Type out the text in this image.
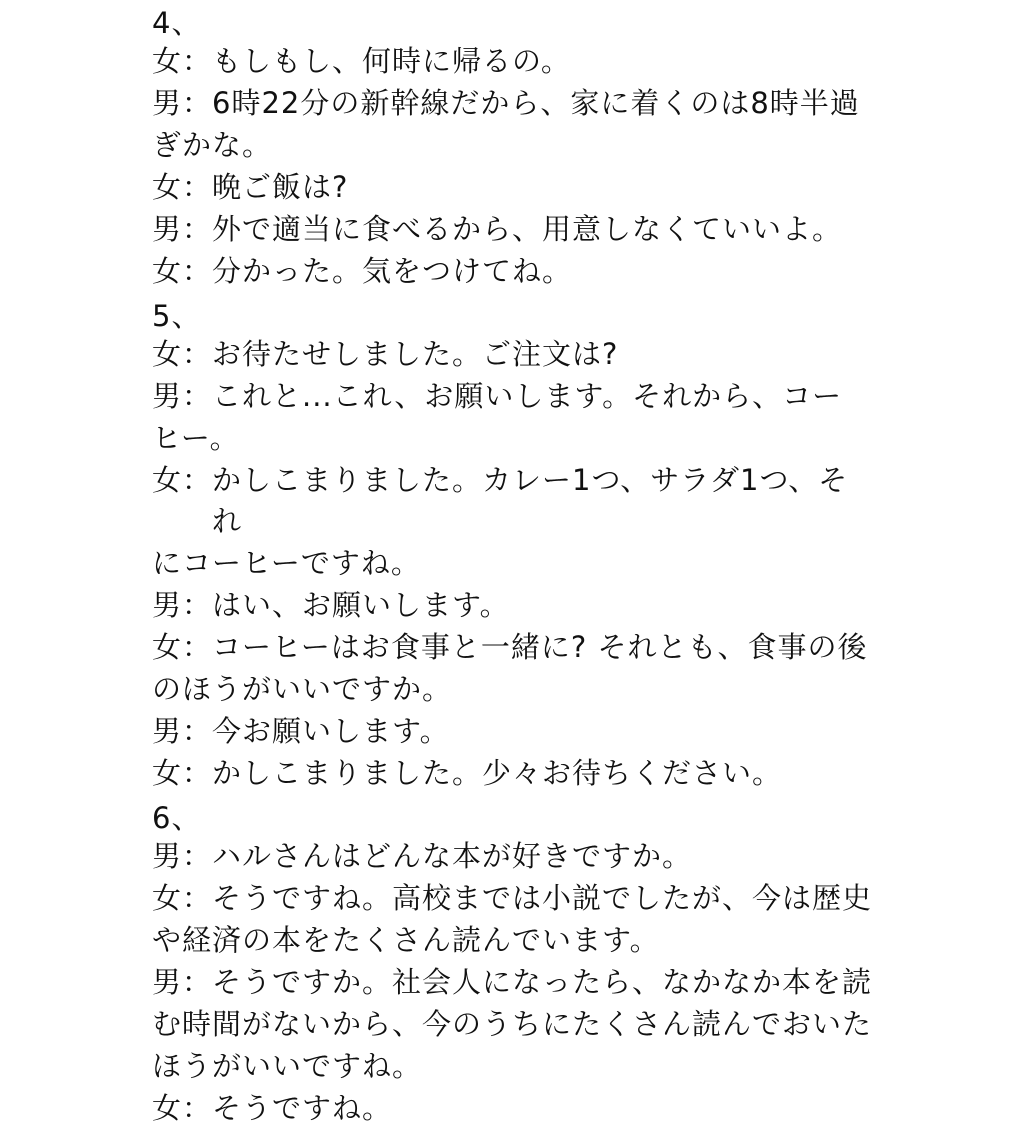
4、
女： もしもし、何時に帰るの。
男： 6時22分の新幹線だから、家に着くのは8時半過
ぎかな。
女： 晩ご飯は?
男： 外で適当に食べるから、用意しなくていいよ。
女： 分かった。気をつけてね。
5、
女： お待たせしました。ご注文は?
男： これと...これ、お願いします。それから、コー
ヒー。
女： かしこまりました。カレー1つ、サラダ1つ、それ
にコーヒーですね。
男： はい、お願いします。
女： コーヒーはお食事と一緒に? それとも、食事の後
のほうがいいですか。
男： 今お願いします。
女： かしこまりました。少々お待ちください。
6、
男： ハルさんはどんな本が好きですか。
女： そうですね。高校までは小説でしたが、今は歴史
や経済の本をたくさん読んでいます。
男： そうですか。社会人になったら、なかなか本を読
む時間がないから、今のうちにたくさん読んでおいた
ほうがいいですね。
女： そうですね。
